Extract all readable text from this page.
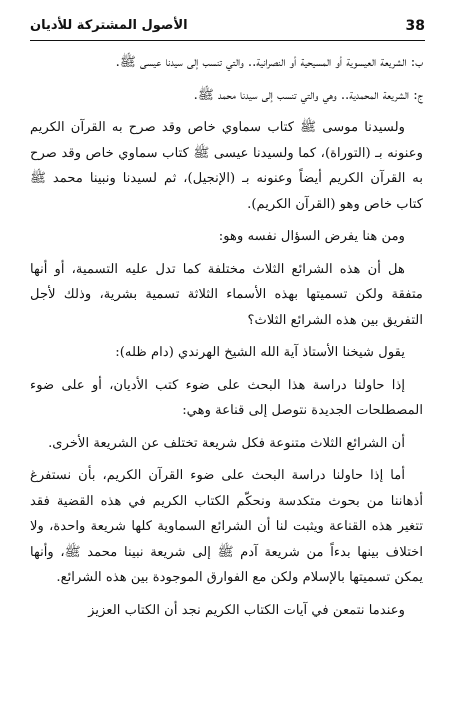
الأصول المشتركة للأديان	38

ب: الشريعة العيسوية أو المسيحية أو النصرانية.. والتي تنسب إلى سيدنا عيسى ﷺ.

ج: الشريعة المحمدية.. وهي والتي تنسب إلى سيدنا محمد ﷺ.

ولسيدنا موسى ﷺ كتاب سماوي خاص وقد صرح به القرآن الكريم وعنونه بـ (التوراة)، كما ولسيدنا عيسى ﷺ كتاب سماوي خاص وقد صرح به القرآن الكريم أيضاً وعنونه بـ (الإنجيل)، ثم لسيدنا ونبينا محمد ﷺ كتاب خاص وهو (القرآن الكريم).

ومن هنا يفرض السؤال نفسه وهو:

هل أن هذه الشرائع الثلاث مختلفة كما تدل عليه التسمية، أو أنها متفقة ولكن تسميتها بهذه الأسماء الثلاثة تسمية بشرية، وذلك لأجل التفريق بين هذه الشرائع الثلاث؟

يقول شيخنا الأستاذ آية الله الشيخ الهرندي (دام ظله):

إذا حاولنا دراسة هذا البحث على ضوء كتب الأديان، أو على ضوء المصطلحات الجديدة نتوصل إلى قناعة وهي:

أن الشرائع الثلاث متنوعة فكل شريعة تختلف عن الشريعة الأخرى.

أما إذا حاولنا دراسة البحث على ضوء القرآن الكريم، بأن نستفرغ أذهاننا من بحوث متكدسة ونحكّم الكتاب الكريم في هذه القضية فقد تتغير هذه القناعة ويثبت لنا أن الشرائع السماوية كلها شريعة واحدة، ولا اختلاف بينها بدءاً من شريعة آدم ﷺ إلى شريعة نبينا محمد ﷺ، وأنها يمكن تسميتها بالإسلام ولكن مع الفوارق الموجودة بين هذه الشرائع.

وعندما نتمعن في آيات الكتاب الكريم نجد أن الكتاب العزيز
